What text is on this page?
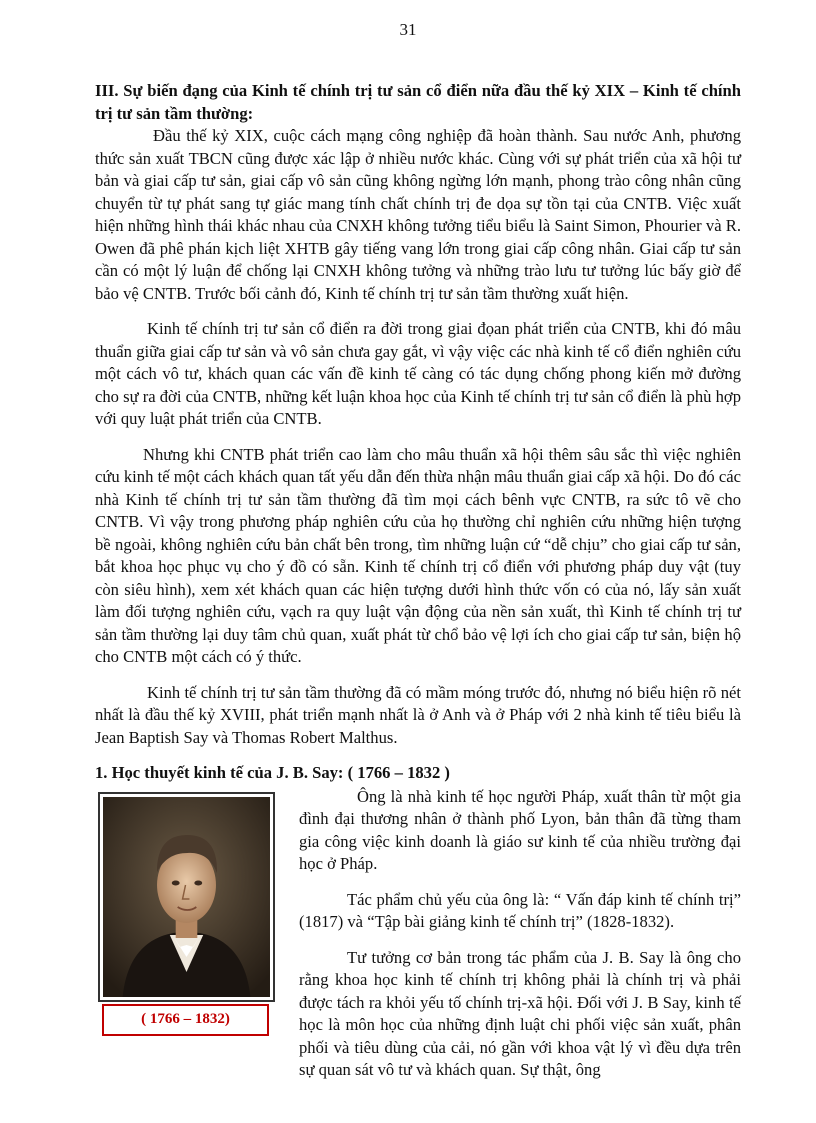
31

III. Sự biến đạng của Kinh tế chính trị tư sản cổ điển nữa đầu thế kỷ XIX – Kinh tế chính trị tư sản tầm thường:

Đầu thế kỷ XIX, cuộc cách mạng công nghiệp đã hoàn thành. Sau nước Anh, phương thức sản xuất TBCN cũng được xác lập ở nhiều nước khác. Cùng với sự phát triển của xã hội tư bản và giai cấp tư sản, giai cấp vô sản cũng không ngừng lớn mạnh, phong trào công nhân cũng chuyển từ tự phát sang tự giác mang tính chất chính trị đe dọa sự tồn tại của CNTB. Việc xuất hiện những hình thái khác nhau của CNXH không tưởng tiểu biểu là Saint Simon, Phourier và R. Owen đã phê phán kịch liệt XHTB gây tiếng vang lớn trong giai cấp công nhân. Giai cấp tư sản cần có một lý luận để chống lại CNXH không tưởng và những trào lưu tư tưởng lúc bấy giờ để bảo vệ CNTB. Trước bối cảnh đó, Kinh tế chính trị tư sản tầm thường xuất hiện.

Kinh tế chính trị tư sản cổ điển ra đời trong giai đọan phát triển của CNTB, khi đó mâu thuẩn giữa giai cấp tư sản và vô sản chưa gay gắt, vì vậy việc các nhà kinh tế cổ điển nghiên cứu một cách vô tư, khách quan các vấn đề kinh tế càng có tác dụng chống phong kiến mở đường cho sự ra đời của CNTB, những kết luận khoa học của Kinh tế chính trị tư sản cổ điển là phù hợp với quy luật phát triển của CNTB.

Nhưng khi CNTB phát triển cao làm cho mâu thuẩn xã hội thêm sâu sắc thì việc nghiên cứu kinh tế một cách khách quan tất yếu dẫn đến thừa nhận mâu thuẩn giai cấp xã hội. Do đó các nhà Kinh tế chính trị tư sản tầm thường đã tìm mọi cách bênh vực CNTB, ra sức tô vẽ cho CNTB. Vì vậy trong phương pháp nghiên cứu của họ thường chỉ nghiên cứu những hiện tượng bề ngoài, không nghiên cứu bản chất bên trong, tìm những luận cứ “dễ chịu” cho giai cấp tư sản, bắt khoa học phục vụ cho ý đồ có sẵn. Kinh tế chính trị cổ điển với phương pháp duy vật (tuy còn siêu hình), xem xét khách quan các hiện tượng dưới hình thức vốn có của nó, lấy sản xuất làm đối tượng nghiên cứu, vạch ra quy luật vận động của nền sản xuất, thì Kinh tế chính trị tư sản tầm thường lại duy tâm chủ quan, xuất phát từ chổ bảo vệ lợi ích cho giai cấp tư sản, biện hộ cho CNTB một cách có ý thức.

Kinh tế chính trị tư sản tầm thường đã có mầm móng trước đó, nhưng nó biểu hiện rõ nét nhất là đầu thế kỷ XVIII, phát triển mạnh nhất là ở Anh và ở Pháp với 2 nhà kinh tế tiêu biểu là Jean Baptish Say và Thomas Robert Malthus.

1. Học thuyết kinh tế của J. B. Say: ( 1766 – 1832 )

( 1766 – 1832)

Ông là nhà kinh tế học người Pháp, xuất thân từ một gia đình đại thương nhân ở thành phố Lyon, bản thân đã từng tham gia công việc kinh doanh là giáo sư kinh tế của nhiều trường đại học ở Pháp.

Tác phẩm chủ yếu của ông là: “ Vấn đáp kinh tế chính trị” (1817) và “Tập bài giảng kinh tế chính trị” (1828-1832).

Tư tưởng cơ bản trong tác phẩm của J. B. Say là ông cho rằng khoa học kinh tế chính trị không phải là chính trị và phải được tách ra khỏi yếu tố chính trị-xã hội. Đối với J. B Say, kinh tế học là môn học của những định luật chi phối việc sản xuất, phân phối và tiêu dùng của cải, nó gần với khoa vật lý vì đều dựa trên sự quan sát vô tư và khách quan. Sự thật, ông
